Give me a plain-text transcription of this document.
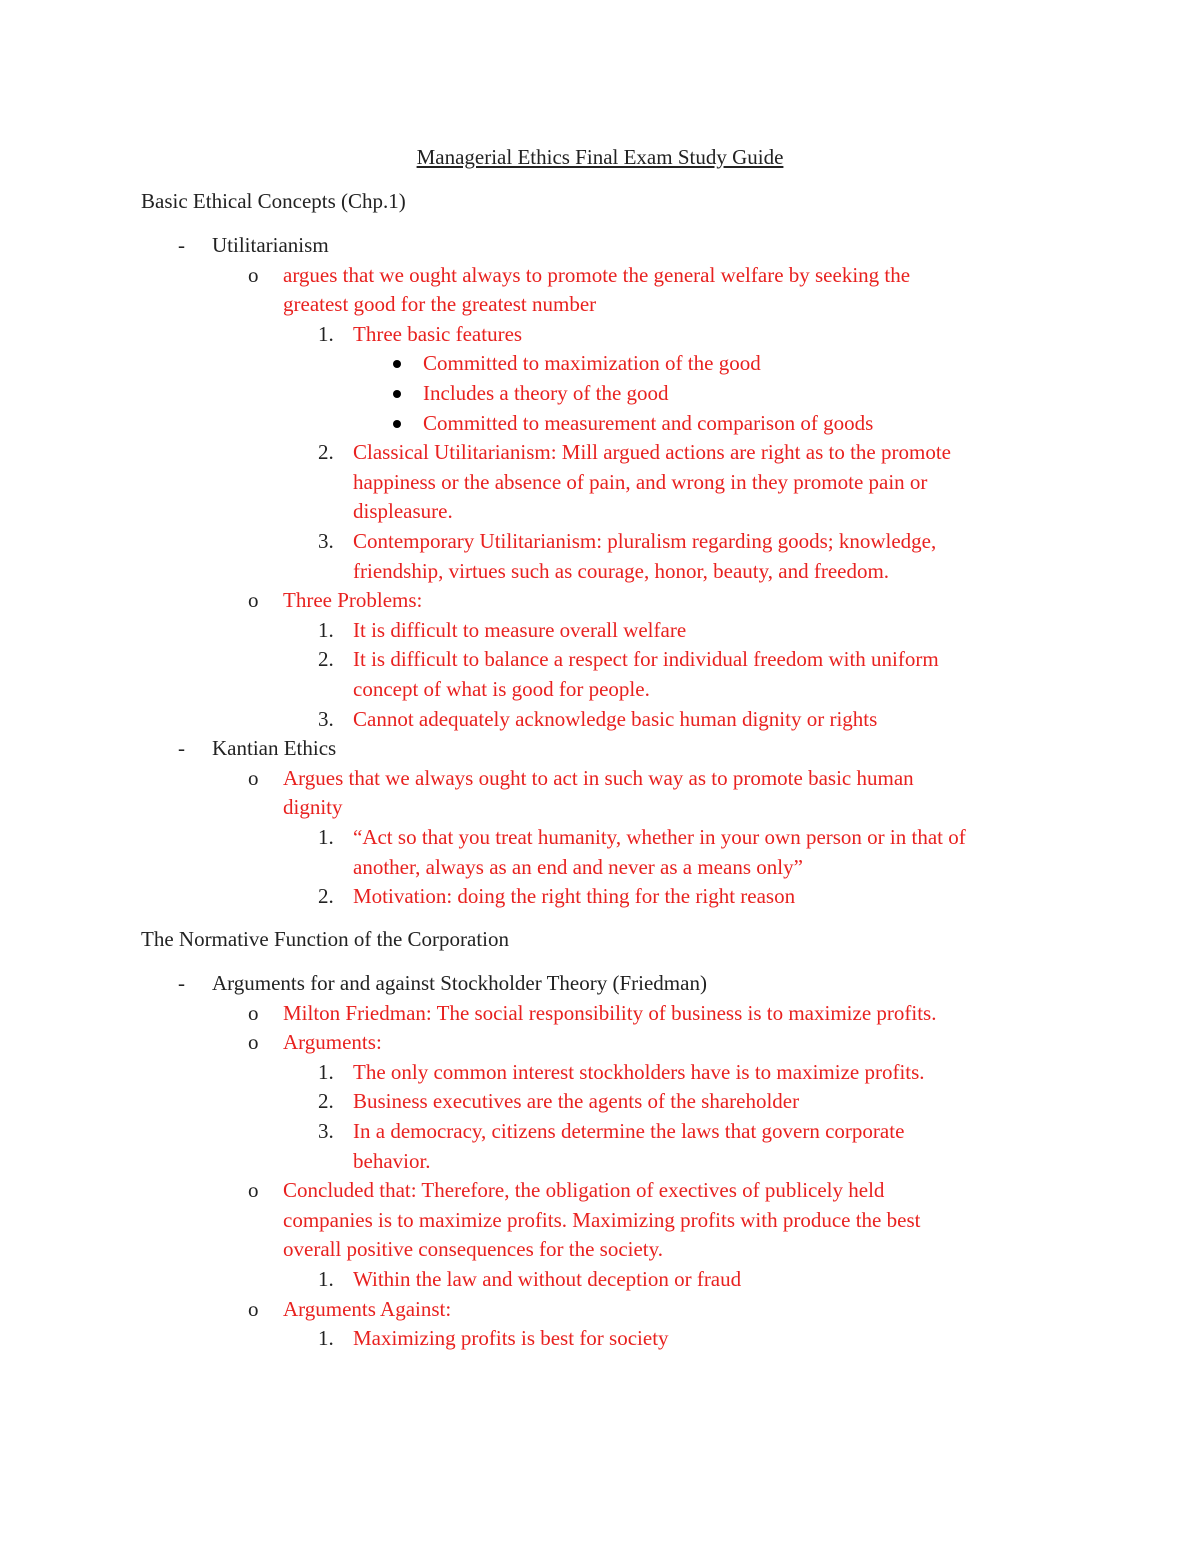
Managerial Ethics Final Exam Study Guide
Basic Ethical Concepts (Chp.1)
- Utilitarianism
o argues that we ought always to promote the general welfare by seeking the
greatest good for the greatest number
1. Three basic features
Committed to maximization of the good
Includes a theory of the good
Committed to measurement and comparison of goods
2. Classical Utilitarianism: Mill argued actions are right as to the promote
happiness or the absence of pain, and wrong in they promote pain or
displeasure.
3. Contemporary Utilitarianism: pluralism regarding goods; knowledge,
friendship, virtues such as courage, honor, beauty, and freedom.
o Three Problems:
1. It is difficult to measure overall welfare
2. It is difficult to balance a respect for individual freedom with uniform
concept of what is good for people.
3. Cannot adequately acknowledge basic human dignity or rights
- Kantian Ethics
o Argues that we always ought to act in such way as to promote basic human
dignity
1. “Act so that you treat humanity, whether in your own person or in that of
another, always as an end and never as a means only”
2. Motivation: doing the right thing for the right reason
The Normative Function of the Corporation
- Arguments for and against Stockholder Theory (Friedman)
o Milton Friedman: The social responsibility of business is to maximize profits.
o Arguments:
1. The only common interest stockholders have is to maximize profits.
2. Business executives are the agents of the shareholder
3. In a democracy, citizens determine the laws that govern corporate
behavior.
o Concluded that: Therefore, the obligation of exectives of publicely held
companies is to maximize profits. Maximizing profits with produce the best
overall positive consequences for the society.
1. Within the law and without deception or fraud
o Arguments Against:
1. Maximizing profits is best for society
